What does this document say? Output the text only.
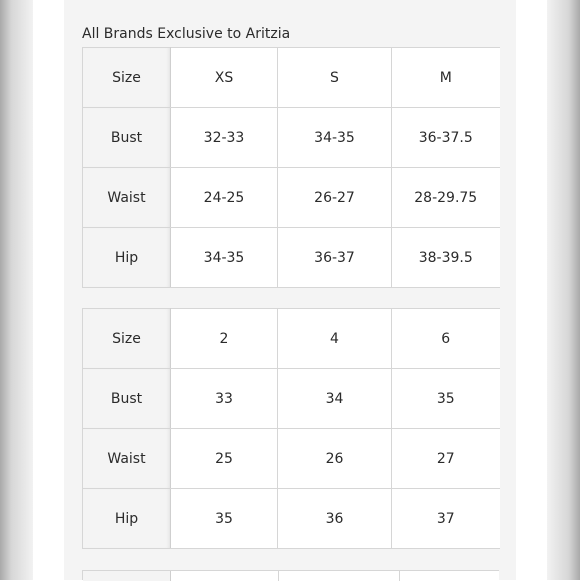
All Brands Exclusive to Aritzia
Size	XS	S	M
Bust	32-33	34-35	36-37.5
Waist	24-25	26-27	28-29.75
Hip	34-35	36-37	38-39.5
Size	2	4	6
Bust	33	34	35
Waist	25	26	27
Hip	35	36	37
